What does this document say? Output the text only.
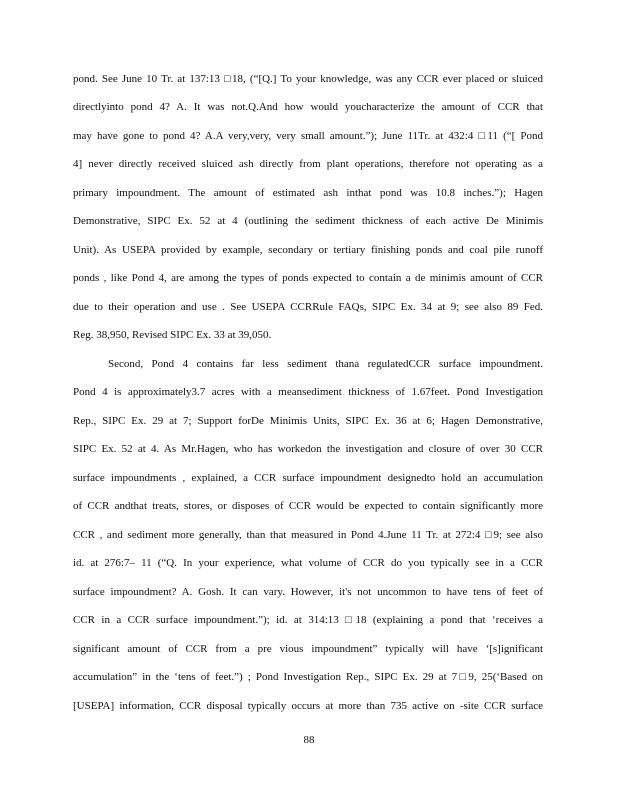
pond. See June 10 Tr. at 137:13 □18, (“[Q.] To your knowledge, was any CCR ever placed or sluiced
directlyinto pond 4? A. It was not.Q.And how would youcharacterize the amount of CCR that
may have gone to pond 4? A.A very,very, very small amount.”); June 11Tr. at 432:4 □11 (“[ Pond
4] never directly received sluiced ash directly from plant operations, therefore not operating as a
primary impoundment. The amount of estimated ash inthat pond was 10.8 inches.”); Hagen
Demonstrative, SIPC Ex. 52 at 4 (outlining the sediment thickness of each active De Minimis
Unit). As USEPA provided by example, secondary or tertiary finishing ponds and coal pile runoff
ponds , like Pond 4, are among the types of ponds expected to contain a de minimis amount of CCR
due to their operation and use . See USEPA CCRRule FAQs, SIPC Ex. 34 at 9; see also 89 Fed.
Reg. 38,950, Revised SIPC Ex. 33 at 39,050.
Second, Pond 4 contains far less sediment thana regulatedCCR surface impoundment.
Pond 4 is approximately3.7 acres with a meansediment thickness of 1.67feet. Pond Investigation
Rep., SIPC Ex. 29 at 7; Support forDe Minimis Units, SIPC Ex. 36 at 6; Hagen Demonstrative,
SIPC Ex. 52 at 4. As Mr.Hagen, who has workedon the investigation and closure of over 30 CCR
surface impoundments , explained, a CCR surface impoundment designedto hold an accumulation
of CCR andthat treats, stores, or disposes of CCR would be expected to contain significantly more
CCR , and sediment more generally, than that measured in Pond 4.June 11 Tr. at 272:4 □9; see also
id. at 276:7– 11 (“Q. In your experience, what volume of CCR do you typically see in a CCR
surface impoundment? A. Gosh. It can vary. However, it's not uncommon to have tens of feet of
CCR in a CCR surface impoundment.”); id. at 314:13 □18 (explaining a pond that ‘receives a
significant amount of CCR from a pre vious impoundment” typically will have ‘[s]ignificant
accumulation” in the ‘tens of feet.”) ; Pond Investigation Rep., SIPC Ex. 29 at 7□9, 25(‘Based on
[USEPA] information, CCR disposal typically occurs at more than 735 active on -site CCR surface
88
